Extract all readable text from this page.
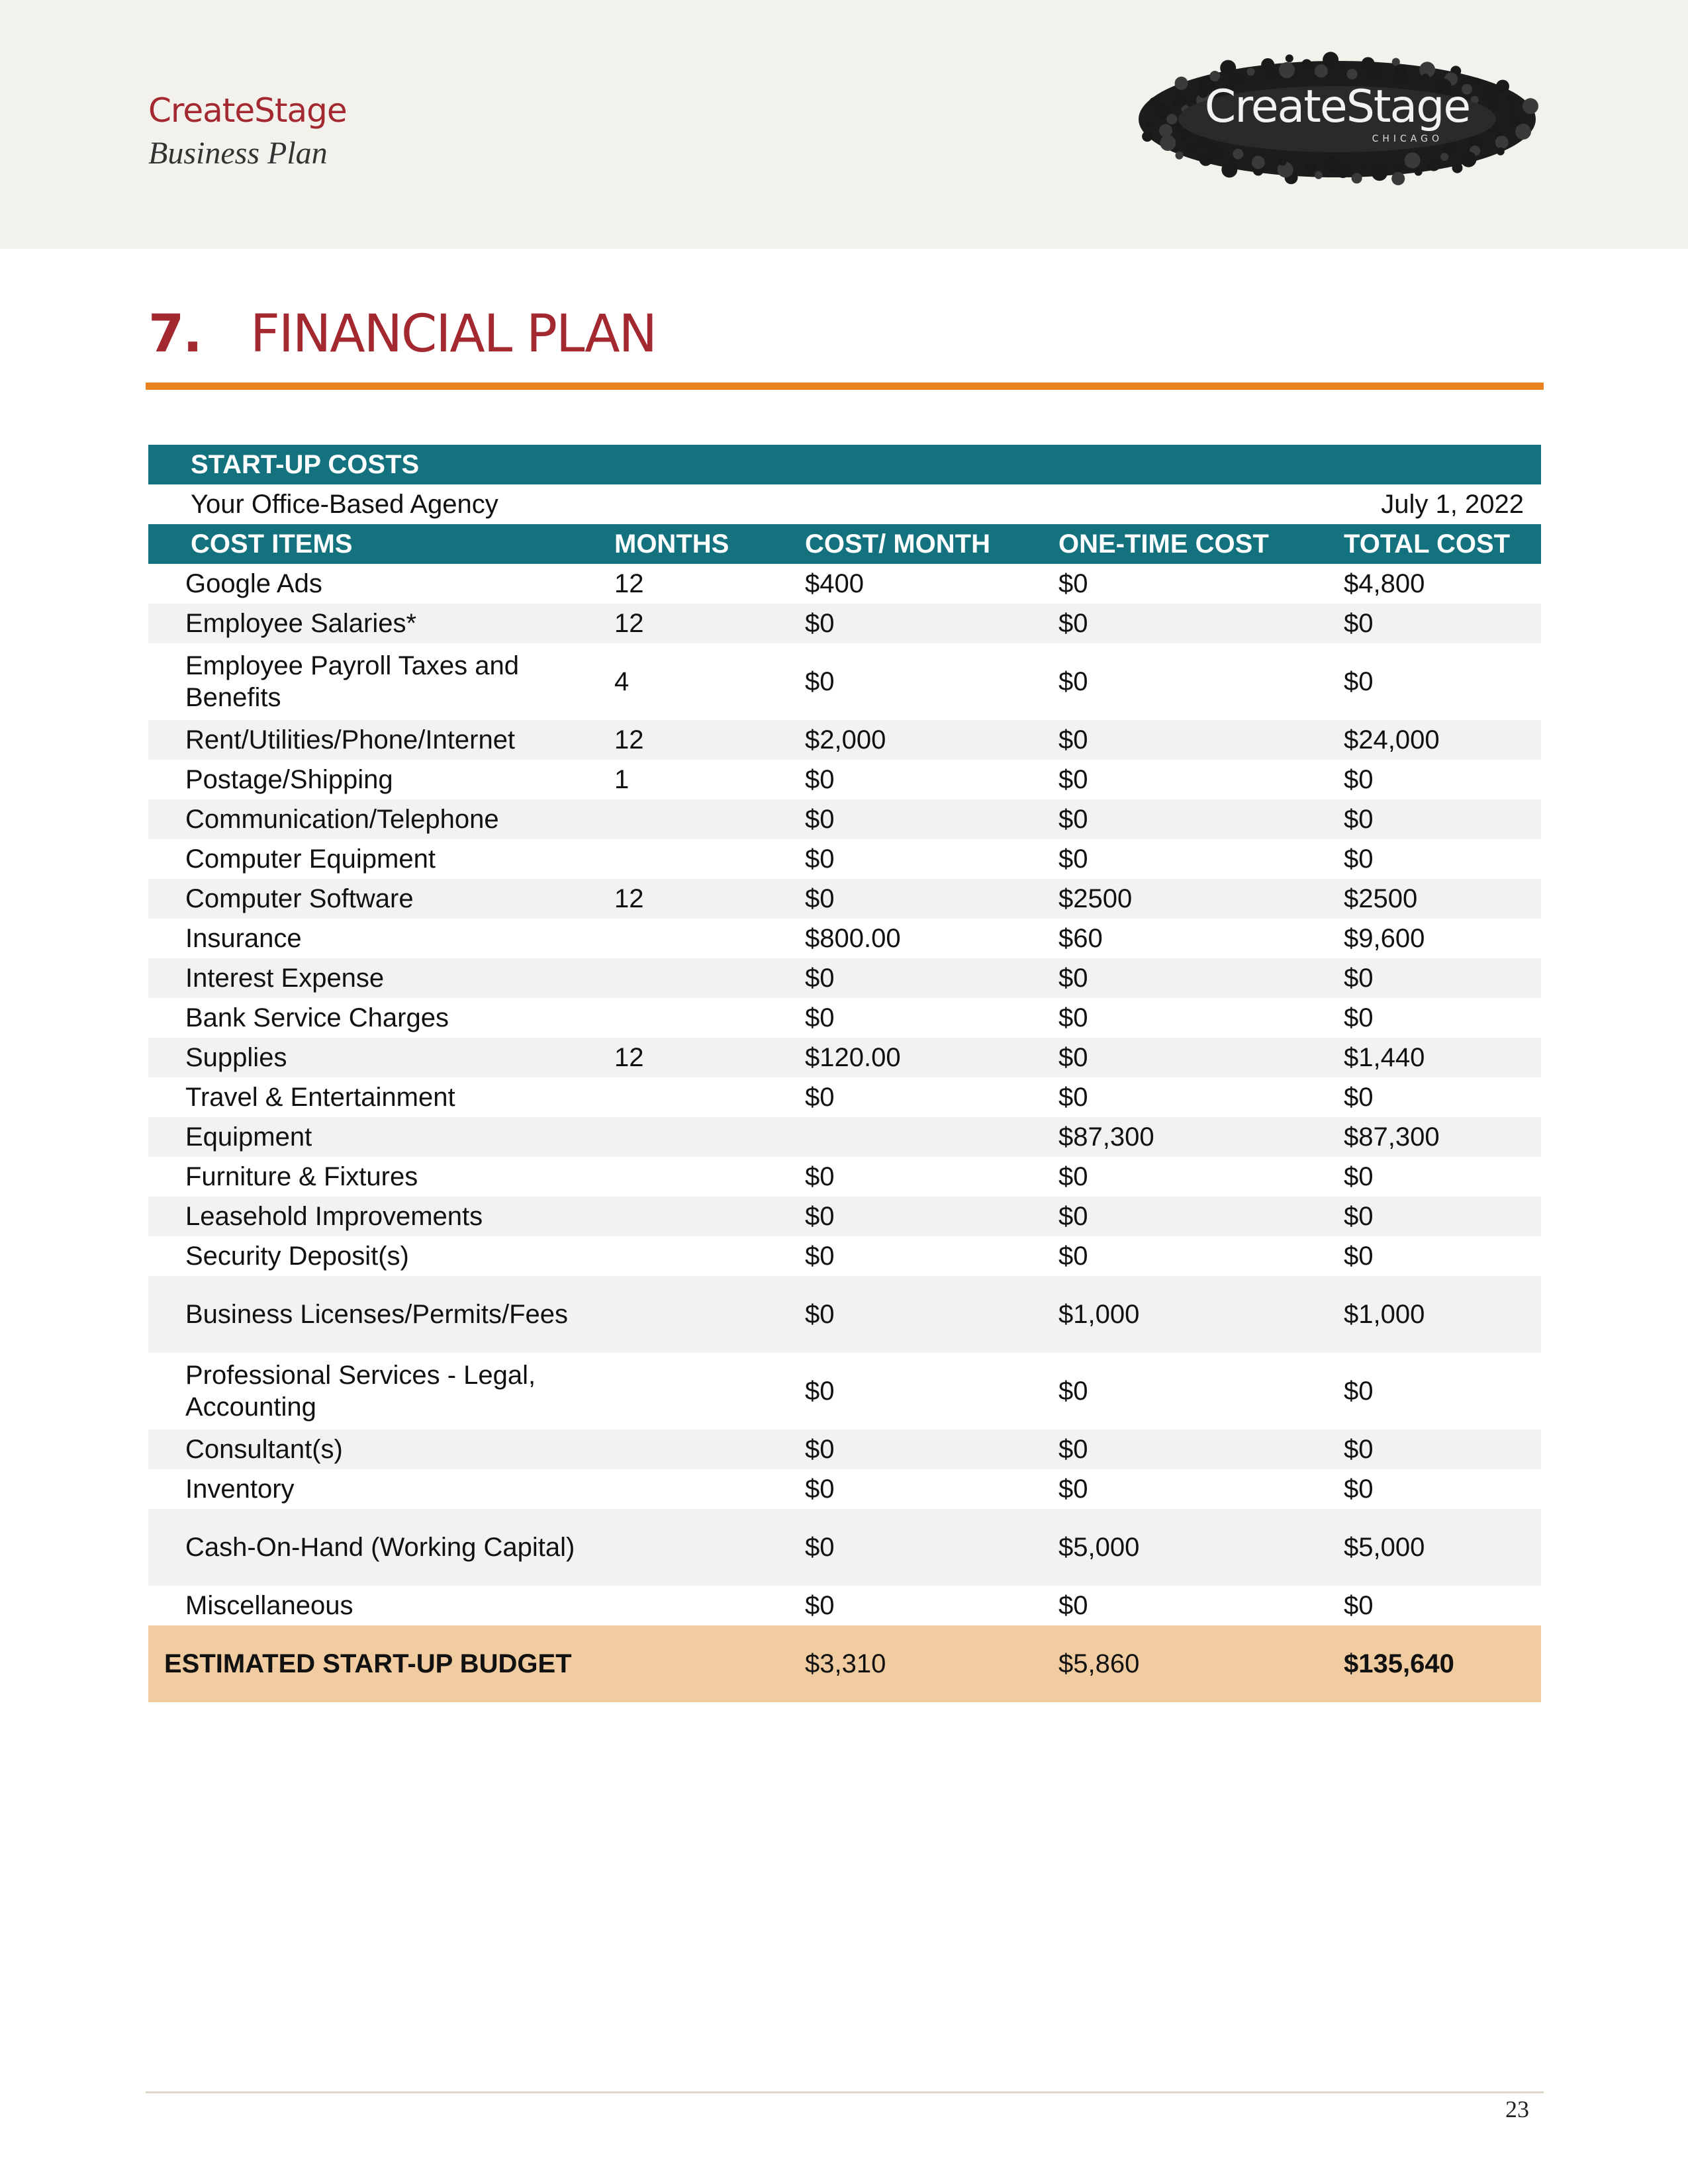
CreateStage
Business Plan
CreateStage
CHICAGO
7. FINANCIAL PLAN
START-UP COSTS				
Your Office-Based Agency			July 1, 2022	
COST ITEMS	MONTHS	COST/ MONTH	ONE-TIME COST	TOTAL COST
Google Ads	12	$400	$0	$4,800
Employee Salaries*	12	$0	$0	$0
Employee Payroll Taxes and Benefits	4	$0	$0	$0
Rent/Utilities/Phone/Internet	12	$2,000	$0	$24,000
Postage/Shipping	1	$0	$0	$0
Communication/Telephone		$0	$0	$0
Computer Equipment		$0	$0	$0
Computer Software	12	$0	$2500	$2500
Insurance		$800.00	$60	$9,600
Interest Expense		$0	$0	$0
Bank Service Charges		$0	$0	$0
Supplies	12	$120.00	$0	$1,440
Travel & Entertainment		$0	$0	$0
Equipment			$87,300	$87,300
Furniture & Fixtures		$0	$0	$0
Leasehold Improvements		$0	$0	$0
Security Deposit(s)		$0	$0	$0
Business Licenses/Permits/Fees		$0	$1,000	$1,000
Professional Services - Legal, Accounting		$0	$0	$0
Consultant(s)		$0	$0	$0
Inventory		$0	$0	$0
Cash-On-Hand (Working Capital)		$0	$5,000	$5,000
Miscellaneous		$0	$0	$0
ESTIMATED START-UP BUDGET		$3,310	$5,860	$135,640
23
